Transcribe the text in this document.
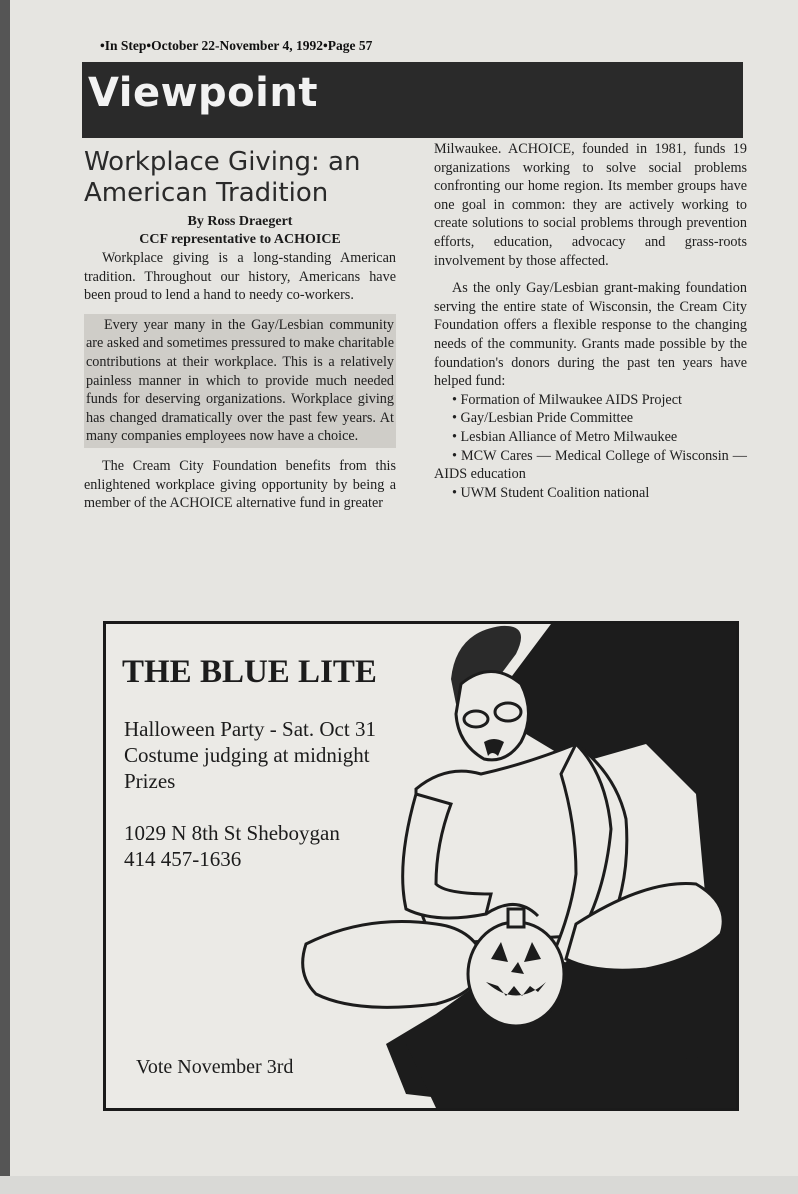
•In Step•October 22-November 4, 1992•Page 57
Viewpoint
Workplace Giving: an American Tradition
By Ross Draegert
CCF representative to ACHOICE

Workplace giving is a long-standing American tradition. Throughout our history, Americans have been proud to lend a hand to needy co-workers.

Every year many in the Gay/Lesbian community are asked and sometimes pressured to make charitable contributions at their workplace. This is a relatively painless manner in which to provide much needed funds for deserving organizations. Workplace giving has changed dramatically over the past few years. At many companies employees now have a choice.

The Cream City Foundation benefits from this enlightened workplace giving opportunity by being a member of the ACHOICE alternative fund in greater

Milwaukee. ACHOICE, founded in 1981, funds 19 organizations working to solve social problems confronting our home region. Its member groups have one goal in common: they are actively working to create solutions to social problems through prevention efforts, education, advocacy and grass-roots involvement by those affected.

As the only Gay/Lesbian grant-making foundation serving the entire state of Wisconsin, the Cream City Foundation offers a flexible response to the changing needs of the community. Grants made possible by the foundation's donors during the past ten years have helped fund:

• Formation of Milwaukee AIDS Project
• Gay/Lesbian Pride Committee
• Lesbian Alliance of Metro Milwaukee
• MCW Cares — Medical College of Wisconsin — AIDS education
• UWM Student Coalition national
THE BLUE LITE
Halloween Party - Sat. Oct 31
Costume judging at midnight
Prizes
1029 N 8th St Sheboygan
414 457-1636
Vote November 3rd
